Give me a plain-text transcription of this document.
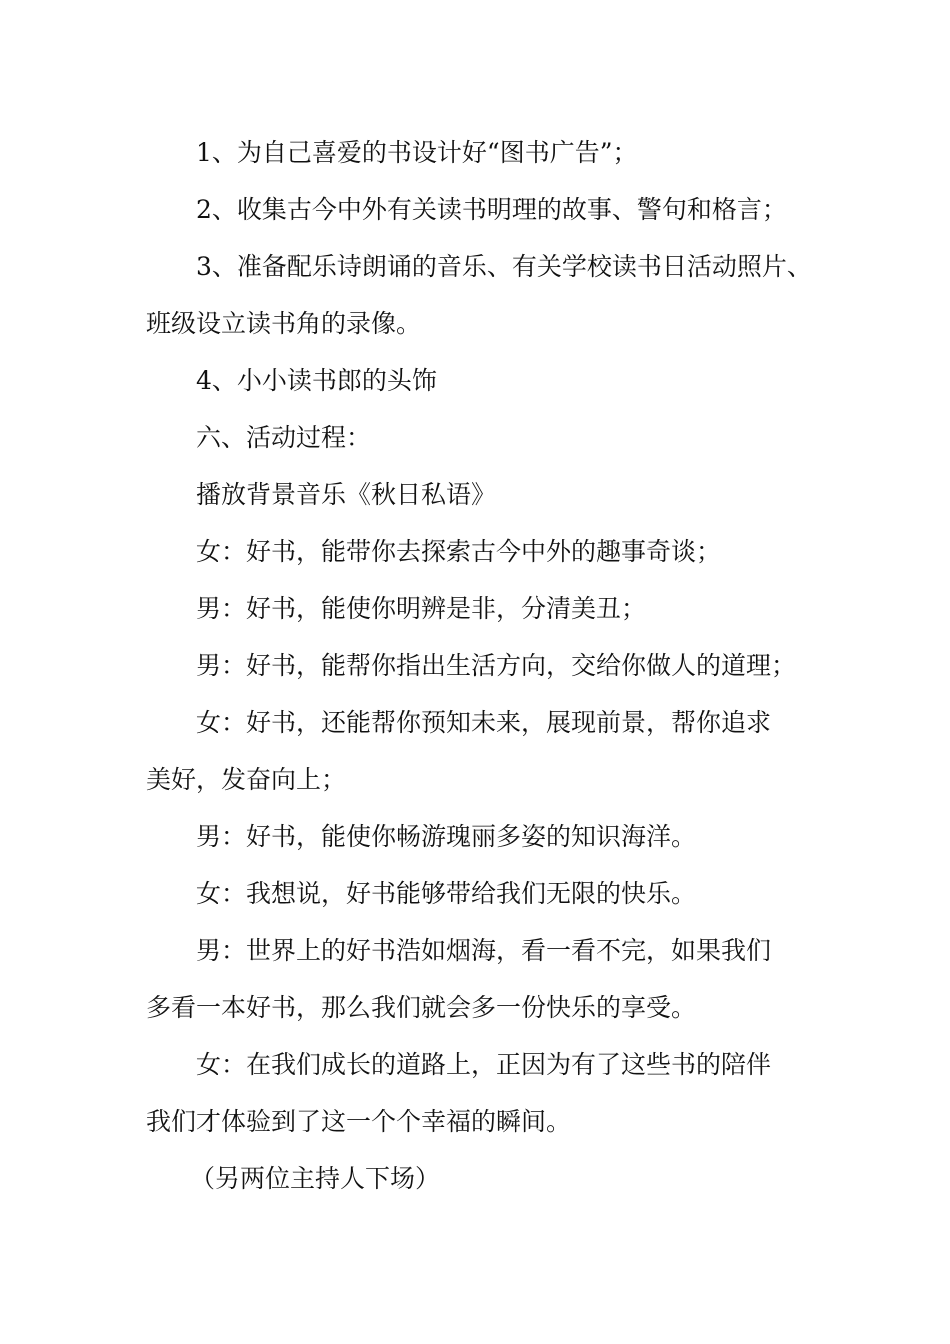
1、为自己喜爱的书设计好“图书广告”；
2、收集古今中外有关读书明理的故事、警句和格言；
3、准备配乐诗朗诵的音乐、有关学校读书日活动照片、
班级设立读书角的录像。
4、小小读书郎的头饰
六、活动过程：
播放背景音乐《秋日私语》
女：好书，能带你去探索古今中外的趣事奇谈；
男：好书，能使你明辨是非，分清美丑；
男：好书，能帮你指出生活方向，交给你做人的道理；
女：好书，还能帮你预知未来，展现前景，帮你追求
美好，发奋向上；
男：好书，能使你畅游瑰丽多姿的知识海洋。
女：我想说，好书能够带给我们无限的快乐。
男：世界上的好书浩如烟海，看一看不完，如果我们
多看一本好书，那么我们就会多一份快乐的享受。
女：在我们成长的道路上，正因为有了这些书的陪伴
我们才体验到了这一个个幸福的瞬间。
（另两位主持人下场）
